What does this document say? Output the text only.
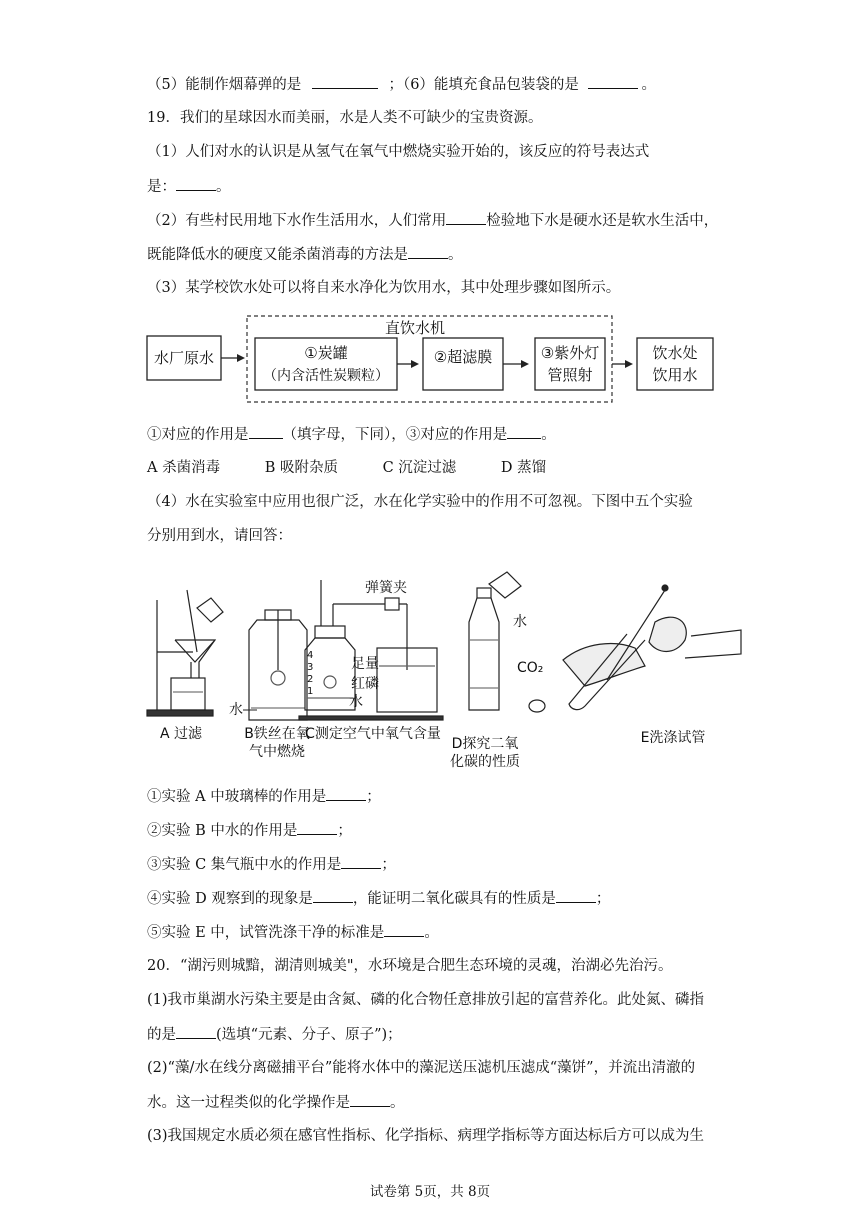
（5）能制作烟幕弹的是	；（6）能填充食品包装袋的是	。
19．我们的星球因水而美丽，水是人类不可缺少的宝贵资源。
（1）人们对水的认识是从氢气在氧气中燃烧实验开始的，该反应的符号表达式
是：	。
（2）有些村民用地下水作生活用水，人们常用	检验地下水是硬水还是软水生活中，
既能降低水的硬度又能杀菌消毒的方法是	。
（3）某学校饮水处可以将自来水净化为饮用水，其中处理步骤如图所示。
水厂原水
直饮水机
①炭罐
（内含活性炭颗粒）
②超滤膜	③紫外灯
管照射
饮水处
饮用水
①对应的作用是 （填字母，下同），③对应的作用是 。
A 杀菌消毒	B 吸附杂质	C 沉淀过滤	D 蒸馏
（4）水在实验室中应用也很广泛，水在化学实验中的作用不可忽视。下图中五个实验
分别用到水，请回答：
A 过滤
水
B铁丝在氧
气中燃烧
弹簧夹
4
3
2
1
足量
红磷
水
C测定空气中氧气含量
水
CO₂
D探究二氧
化碳的性质
E洗涤试管
①实验 A 中玻璃棒的作用是	；
②实验 B 中水的作用是	；
③实验 C 集气瓶中水的作用是	；
④实验 D 观察到的现象是	，能证明二氧化碳具有的性质是	；
⑤实验 E 中，试管洗涤干净的标准是	。
20．“湖污则城黯，湖清则城美"，水环境是合肥生态环境的灵魂，治湖必先治污。
(1)我市巢湖水污染主要是由含氮、磷的化合物任意排放引起的富营养化。此处氮、磷指
的是	(选填“元素、分子、原子”)；
(2)“藻/水在线分离磁捕平台”能将水体中的藻泥送压滤机压滤成“藻饼”，并流出清澈的
水。这一过程类似的化学操作是	。
(3)我国规定水质必须在感官性指标、化学指标、病理学指标等方面达标后方可以成为生
试卷第 5页，共 8页
